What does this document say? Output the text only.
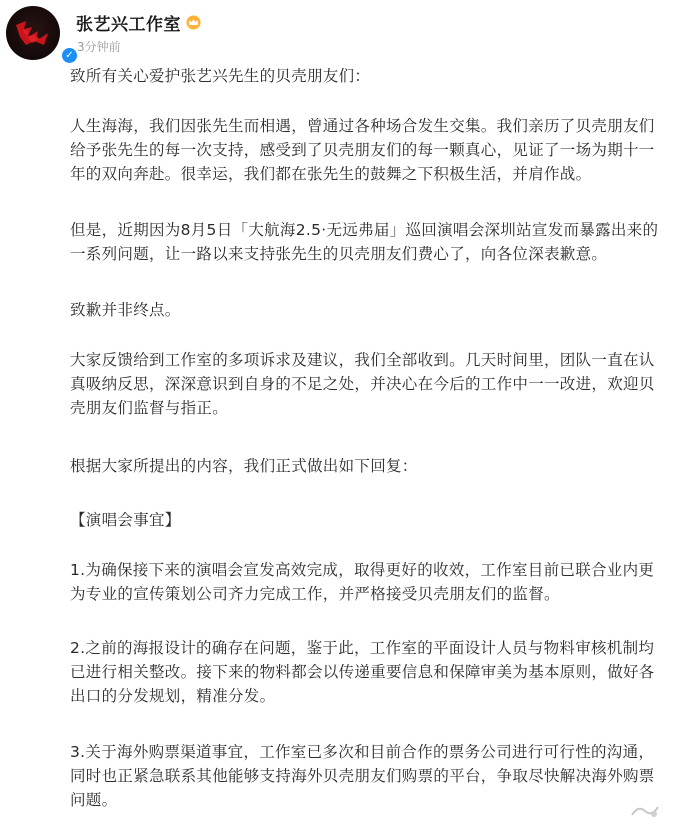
✓
张艺兴工作室
3分钟前

致所有关心爱护张艺兴先生的贝壳朋友们：

人生海海，我们因张先生而相遇，曾通过各种场合发生交集。我们亲历了贝壳朋友们给予张先生的每一次支持，感受到了贝壳朋友们的每一颗真心，见证了一场为期十一年的双向奔赴。很幸运，我们都在张先生的鼓舞之下积极生活，并肩作战。

但是，近期因为8月5日「大航海2.5·无远弗届」巡回演唱会深圳站宣发而暴露出来的一系列问题，让一路以来支持张先生的贝壳朋友们费心了，向各位深表歉意。

致歉并非终点。

大家反馈给到工作室的多项诉求及建议，我们全部收到。几天时间里，团队一直在认真吸纳反思，深深意识到自身的不足之处，并决心在今后的工作中一一改进，欢迎贝壳朋友们监督与指正。

根据大家所提出的内容，我们正式做出如下回复：

【演唱会事宜】

1.为确保接下来的演唱会宣发高效完成，取得更好的收效，工作室目前已联合业内更为专业的宣传策划公司齐力完成工作，并严格接受贝壳朋友们的监督。

2.之前的海报设计的确存在问题，鉴于此，工作室的平面设计人员与物料审核机制均已进行相关整改。接下来的物料都会以传递重要信息和保障审美为基本原则，做好各出口的分发规划，精准分发。

3.关于海外购票渠道事宜，工作室已多次和目前合作的票务公司进行可行性的沟通，同时也正紧急联系其他能够支持海外贝壳朋友们购票的平台，争取尽快解决海外购票问题。
